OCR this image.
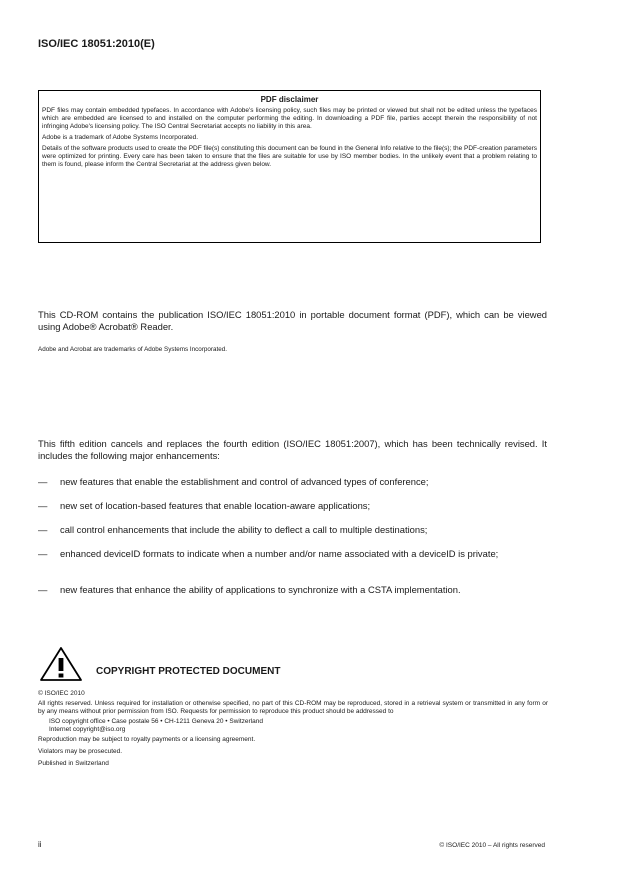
ISO/IEC 18051:2010(E)
PDF disclaimer

PDF files may contain embedded typefaces. In accordance with Adobe's licensing policy, such files may be printed or viewed but shall not be edited unless the typefaces which are embedded are licensed to and installed on the computer performing the editing. In downloading a PDF file, parties accept therein the responsibility of not infringing Adobe's licensing policy. The ISO Central Secretariat accepts no liability in this area.

Adobe is a trademark of Adobe Systems Incorporated.

Details of the software products used to create the PDF file(s) constituting this document can be found in the General Info relative to the file(s); the PDF-creation parameters were optimized for printing. Every care has been taken to ensure that the files are suitable for use by ISO member bodies. In the unlikely event that a problem relating to them is found, please inform the Central Secretariat at the address given below.

This CD-ROM contains the publication ISO/IEC 18051:2010 in portable document format (PDF), which can be viewed using Adobe® Acrobat® Reader.

Adobe and Acrobat are trademarks of Adobe Systems Incorporated.

This fifth edition cancels and replaces the fourth edition (ISO/IEC 18051:2007), which has been technically revised. It includes the following major enhancements:

— new features that enable the establishment and control of advanced types of conference;
— new set of location-based features that enable location-aware applications;
— call control enhancements that include the ability to deflect a call to multiple destinations;
— enhanced deviceID formats to indicate when a number and/or name associated with a deviceID is private;
— new features that enhance the ability of applications to synchronize with a CSTA implementation.
COPYRIGHT PROTECTED DOCUMENT

© ISO/IEC 2010

All rights reserved. Unless required for installation or otherwise specified, no part of this CD-ROM may be reproduced, stored in a retrieval system or transmitted in any form or by any means without prior permission from ISO. Requests for permission to reproduce this product should be addressed to

ISO copyright office • Case postale 56 • CH-1211 Geneva 20 • Switzerland

Internet copyright@iso.org

Reproduction may be subject to royalty payments or a licensing agreement.

Violators may be prosecuted.

Published in Switzerland

ii	© ISO/IEC 2010 – All rights reserved
